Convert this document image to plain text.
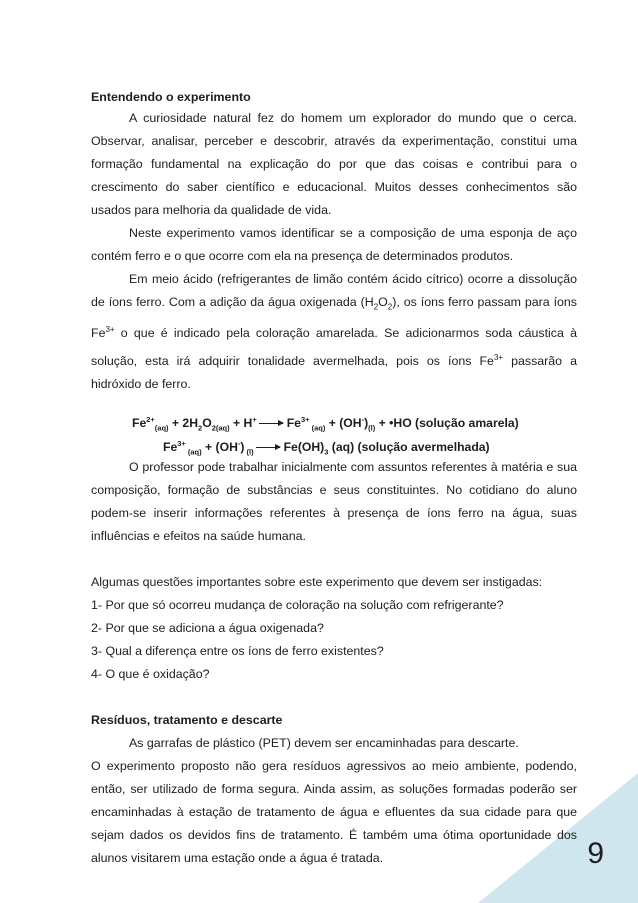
Entendendo o experimento

A curiosidade natural fez do homem um explorador do mundo que o cerca. Observar, analisar, perceber e descobrir, através da experimentação, constitui uma formação fundamental na explicação do por que das coisas e contribui para o crescimento do saber científico e educacional. Muitos desses conhecimentos são usados para melhoria da qualidade de vida.

Neste experimento vamos identificar se a composição de uma esponja de aço contém ferro e o que ocorre com ela na presença de determinados produtos.

Em meio ácido (refrigerantes de limão contém ácido cítrico) ocorre a dissolução de íons ferro. Com a adição da água oxigenada $(H_2O_2)$, os íons ferro passam para íons $Fe^{3+}$ o que é indicado pela coloração amarelada. Se adicionarmos soda cáustica à solução, esta irá adquirir tonalidade avermelhada, pois os íons $Fe^{3+}$ passarão a hidróxido de ferro.

$Fe^{2+}_{(aq)} + 2H_2O_{2(aq)} + H^+ \to Fe^{3+}$ $_{(aq)} + (OH^-)_{(l)}$ + •HO (solução amarela)
$Fe^{3+}$ $_{(aq)}$ + (OH-) $_{(l)} \to Fe(OH)_3$ (aq) (solução avermelhada)

O professor pode trabalhar inicialmente com assuntos referentes à matéria e sua composição, formação de substâncias e seus constituintes. No cotidiano do aluno podem-se inserir informações referentes à presença de íons ferro na água, suas influências e efeitos na saúde humana.

Algumas questões importantes sobre este experimento que devem ser instigadas:

1- Por que só ocorreu mudança de coloração na solução com refrigerante?

2- Por que se adiciona a água oxigenada?

3- Qual a diferença entre os íons de ferro existentes?

4- O que é oxidação?

Resíduos, tratamento e descarte

As garrafas de plástico (PET) devem ser encaminhadas para descarte.

O experimento proposto não gera resíduos agressivos ao meio ambiente, podendo, então, ser utilizado de forma segura. Ainda assim, as soluções formadas poderão ser encaminhadas à estação de tratamento de água e efluentes da sua cidade para que sejam dados os devidos fins de tratamento. É também uma ótima oportunidade dos alunos visitarem uma estação onde a água é tratada.	9
